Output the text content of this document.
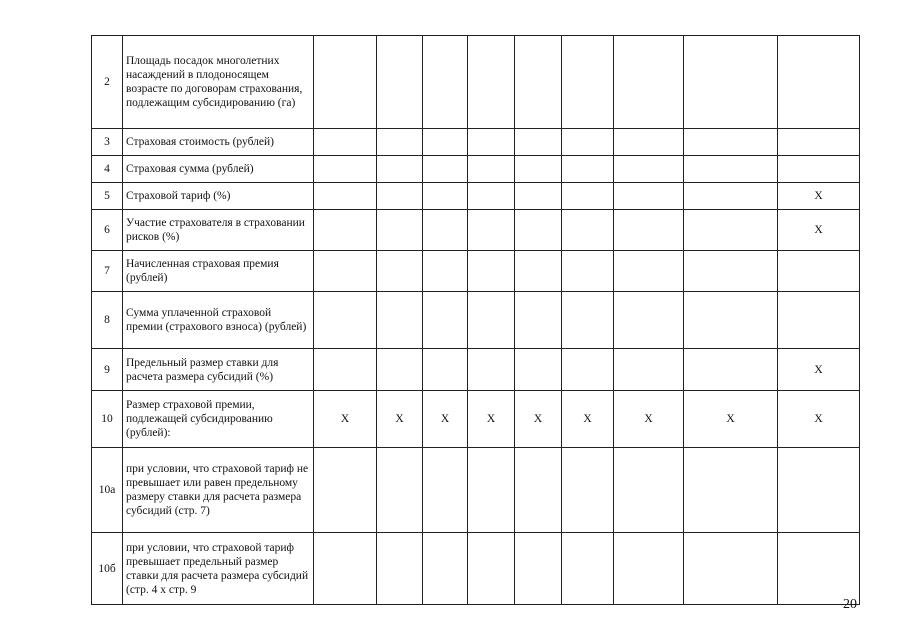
2	Площадь посадок многолетних насаждений в плодоносящем возрасте по договорам страхования, подлежащим субсидированию (га)									
3	Страховая стоимость (рублей)									
4	Страховая сумма (рублей)									
5	Страховой тариф (%)									X
6	Участие страхователя в страховании рисков (%)									X
7	Начисленная страховая премия (рублей)									
8	Сумма уплаченной страховой премии (страхового взноса) (рублей)									
9	Предельный размер ставки для расчета размера субсидий (%)									X
10	Размер страховой премии, подлежащей субсидированию (рублей):	X	X	X	X	X	X	X	X	X
10а	при условии, что страховой тариф не превышает или равен предельному размеру ставки для расчета размера субсидий (стр. 7)									
10б	при условии, что страховой тариф превышает предельный размер ставки для расчета размера субсидий (стр. 4 х стр. 9									
20
